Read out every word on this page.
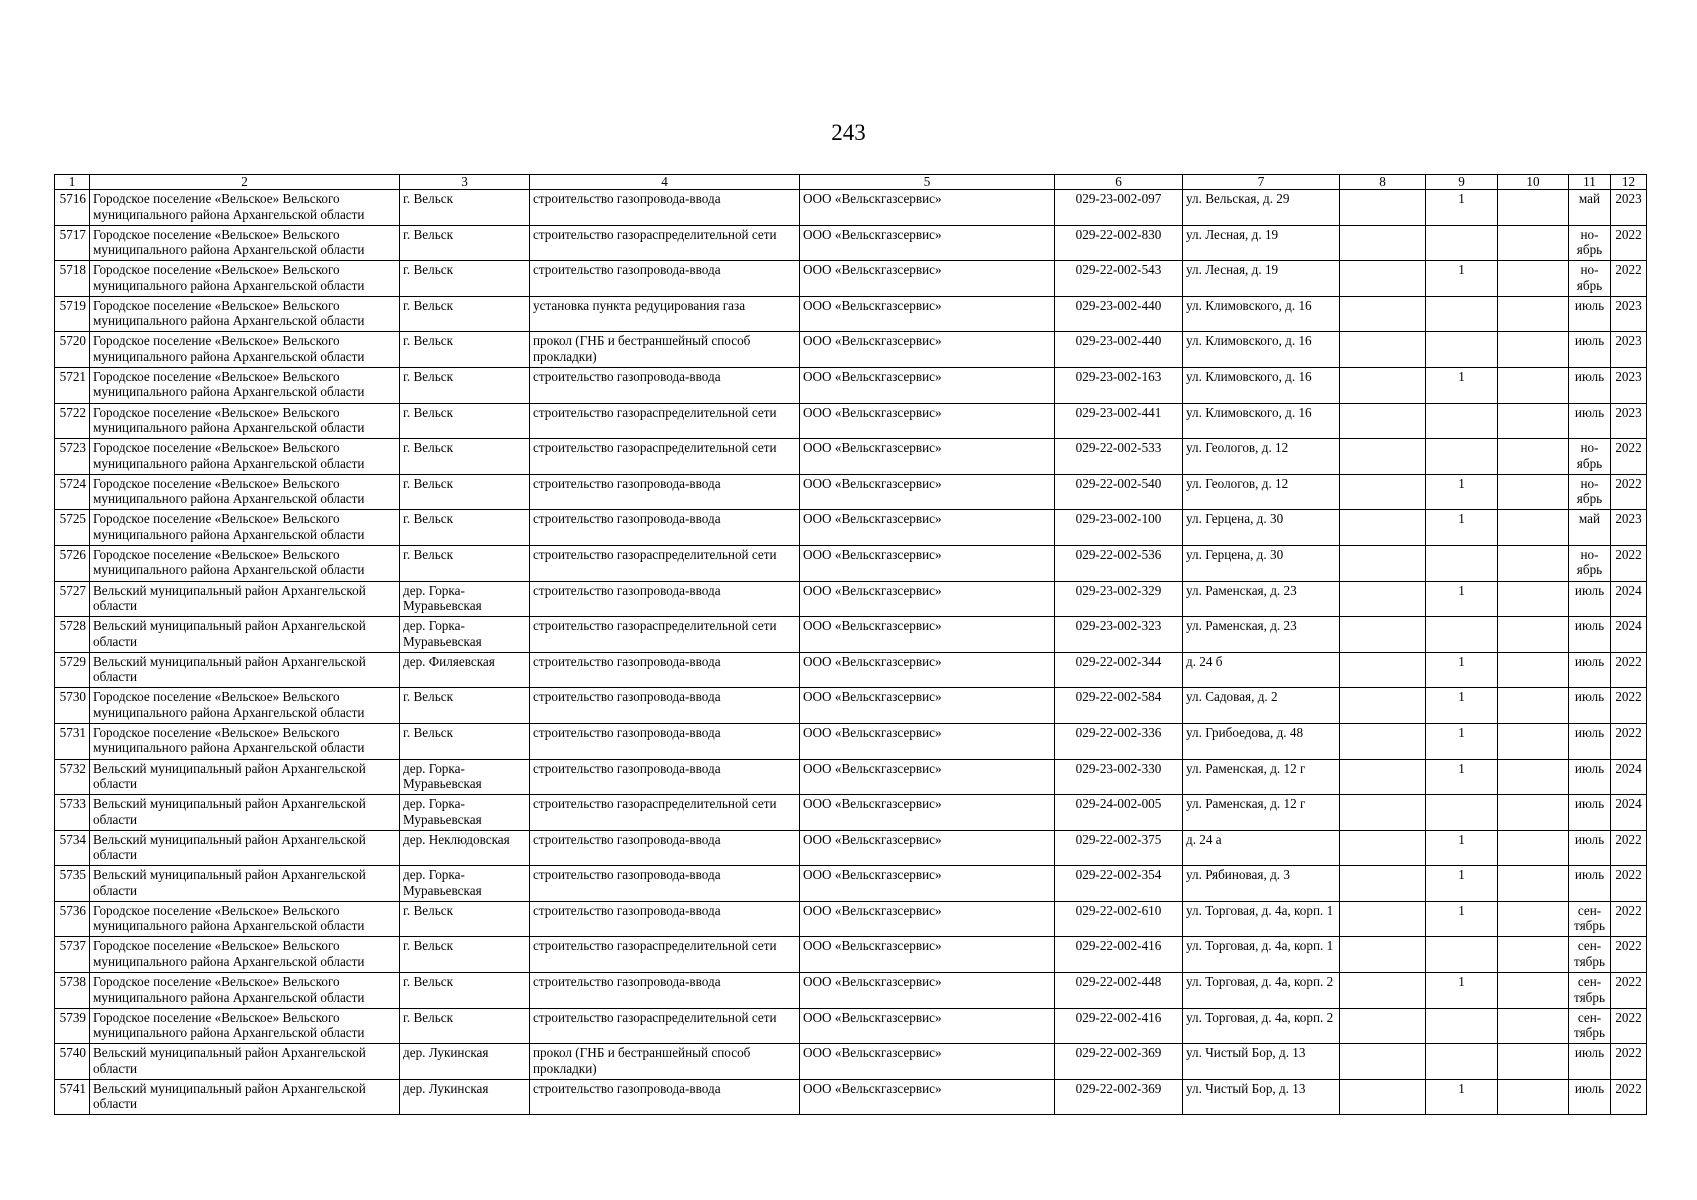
243
1	2	3	4	5	6	7	8	9	10	11	12
5716	Городское поселение «Вельское» Вельского муниципального района Архангельской области	г. Вельск	строительство газопровода-ввода	ООО «Вельскгазсервис»	029-23-002-097	ул. Вельская, д. 29		1		май	2023
5717	Городское поселение «Вельское» Вельского муниципального района Архангельской области	г. Вельск	строительство газораспределительной сети	ООО «Вельскгазсервис»	029-22-002-830	ул. Лесная, д. 19				но-ябрь	2022
5718	Городское поселение «Вельское» Вельского муниципального района Архангельской области	г. Вельск	строительство газопровода-ввода	ООО «Вельскгазсервис»	029-22-002-543	ул. Лесная, д. 19		1		но-ябрь	2022
5719	Городское поселение «Вельское» Вельского муниципального района Архангельской области	г. Вельск	установка пункта редуцирования газа	ООО «Вельскгазсервис»	029-23-002-440	ул. Климовского, д. 16				июль	2023
5720	Городское поселение «Вельское» Вельского муниципального района Архангельской области	г. Вельск	прокол (ГНБ и бестраншейный способ прокладки)	ООО «Вельскгазсервис»	029-23-002-440	ул. Климовского, д. 16				июль	2023
5721	Городское поселение «Вельское» Вельского муниципального района Архангельской области	г. Вельск	строительство газопровода-ввода	ООО «Вельскгазсервис»	029-23-002-163	ул. Климовского, д. 16		1		июль	2023
5722	Городское поселение «Вельское» Вельского муниципального района Архангельской области	г. Вельск	строительство газораспределительной сети	ООО «Вельскгазсервис»	029-23-002-441	ул. Климовского, д. 16				июль	2023
5723	Городское поселение «Вельское» Вельского муниципального района Архангельской области	г. Вельск	строительство газораспределительной сети	ООО «Вельскгазсервис»	029-22-002-533	ул. Геологов, д. 12				но-ябрь	2022
5724	Городское поселение «Вельское» Вельского муниципального района Архангельской области	г. Вельск	строительство газопровода-ввода	ООО «Вельскгазсервис»	029-22-002-540	ул. Геологов, д. 12		1		но-ябрь	2022
5725	Городское поселение «Вельское» Вельского муниципального района Архангельской области	г. Вельск	строительство газопровода-ввода	ООО «Вельскгазсервис»	029-23-002-100	ул. Герцена, д. 30		1		май	2023
5726	Городское поселение «Вельское» Вельского муниципального района Архангельской области	г. Вельск	строительство газораспределительной сети	ООО «Вельскгазсервис»	029-22-002-536	ул. Герцена, д. 30				но-ябрь	2022
5727	Вельский муниципальный район Архангельской области	дер. Горка-Муравьевская	строительство газопровода-ввода	ООО «Вельскгазсервис»	029-23-002-329	ул. Раменская, д. 23		1		июль	2024
5728	Вельский муниципальный район Архангельской области	дер. Горка-Муравьевская	строительство газораспределительной сети	ООО «Вельскгазсервис»	029-23-002-323	ул. Раменская, д. 23				июль	2024
5729	Вельский муниципальный район Архангельской области	дер. Филяевская	строительство газопровода-ввода	ООО «Вельскгазсервис»	029-22-002-344	д. 24 б		1		июль	2022
5730	Городское поселение «Вельское» Вельского муниципального района Архангельской области	г. Вельск	строительство газопровода-ввода	ООО «Вельскгазсервис»	029-22-002-584	ул. Садовая, д. 2		1		июль	2022
5731	Городское поселение «Вельское» Вельского муниципального района Архангельской области	г. Вельск	строительство газопровода-ввода	ООО «Вельскгазсервис»	029-22-002-336	ул. Грибоедова, д. 48		1		июль	2022
5732	Вельский муниципальный район Архангельской области	дер. Горка-Муравьевская	строительство газопровода-ввода	ООО «Вельскгазсервис»	029-23-002-330	ул. Раменская, д. 12 г		1		июль	2024
5733	Вельский муниципальный район Архангельской области	дер. Горка-Муравьевская	строительство газораспределительной сети	ООО «Вельскгазсервис»	029-24-002-005	ул. Раменская, д. 12 г				июль	2024
5734	Вельский муниципальный район Архангельской области	дер. Неклюдовская	строительство газопровода-ввода	ООО «Вельскгазсервис»	029-22-002-375	д. 24 а		1		июль	2022
5735	Вельский муниципальный район Архангельской области	дер. Горка-Муравьевская	строительство газопровода-ввода	ООО «Вельскгазсервис»	029-22-002-354	ул. Рябиновая, д. 3		1		июль	2022
5736	Городское поселение «Вельское» Вельского муниципального района Архангельской области	г. Вельск	строительство газопровода-ввода	ООО «Вельскгазсервис»	029-22-002-610	ул. Торговая, д. 4а, корп. 1		1		сен-тябрь	2022
5737	Городское поселение «Вельское» Вельского муниципального района Архангельской области	г. Вельск	строительство газораспределительной сети	ООО «Вельскгазсервис»	029-22-002-416	ул. Торговая, д. 4а, корп. 1				сен-тябрь	2022
5738	Городское поселение «Вельское» Вельского муниципального района Архангельской области	г. Вельск	строительство газопровода-ввода	ООО «Вельскгазсервис»	029-22-002-448	ул. Торговая, д. 4а, корп. 2		1		сен-тябрь	2022
5739	Городское поселение «Вельское» Вельского муниципального района Архангельской области	г. Вельск	строительство газораспределительной сети	ООО «Вельскгазсервис»	029-22-002-416	ул. Торговая, д. 4а, корп. 2				сен-тябрь	2022
5740	Вельский муниципальный район Архангельской области	дер. Лукинская	прокол (ГНБ и бестраншейный способ прокладки)	ООО «Вельскгазсервис»	029-22-002-369	ул. Чистый Бор, д. 13				июль	2022
5741	Вельский муниципальный район Архангельской области	дер. Лукинская	строительство газопровода-ввода	ООО «Вельскгазсервис»	029-22-002-369	ул. Чистый Бор, д. 13		1		июль	2022
